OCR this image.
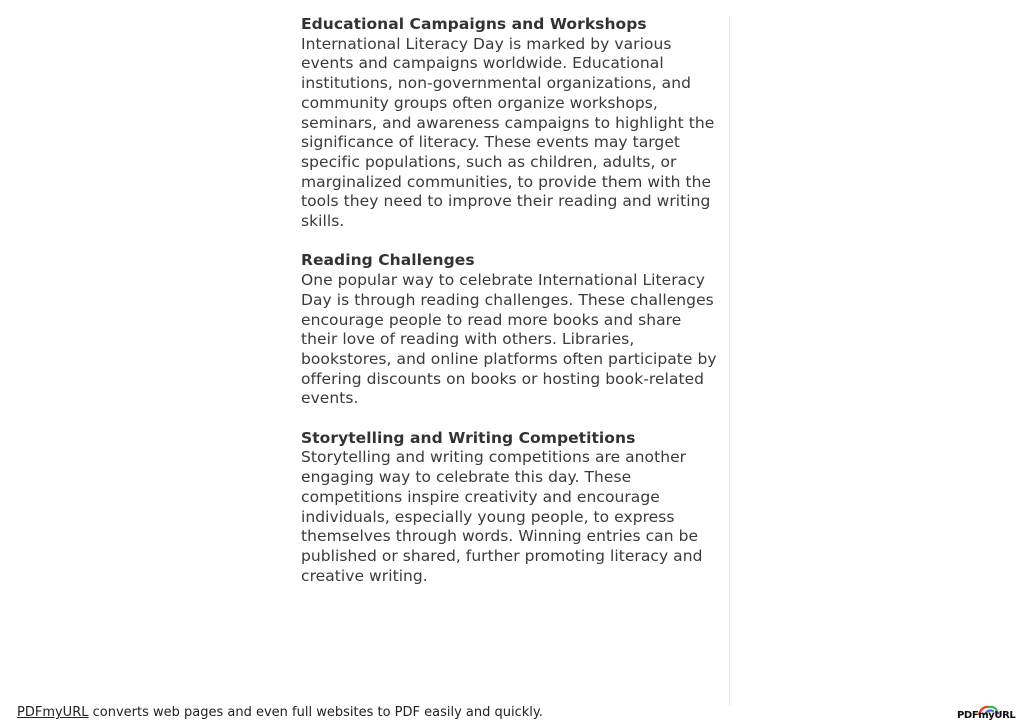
Educational Campaigns and Workshops
International Literacy Day is marked by various events and campaigns worldwide. Educational institutions, non-governmental organizations, and community groups often organize workshops, seminars, and awareness campaigns to highlight the significance of literacy. These events may target specific populations, such as children, adults, or marginalized communities, to provide them with the tools they need to improve their reading and writing skills.
Reading Challenges
One popular way to celebrate International Literacy Day is through reading challenges. These challenges encourage people to read more books and share their love of reading with others. Libraries, bookstores, and online platforms often participate by offering discounts on books or hosting book-related events.
Storytelling and Writing Competitions
Storytelling and writing competitions are another engaging way to celebrate this day. These competitions inspire creativity and encourage individuals, especially young people, to express themselves through words. Winning entries can be published or shared, further promoting literacy and creative writing.
PDFmyURL converts web pages and even full websites to PDF easily and quickly.	PDFmyURL
